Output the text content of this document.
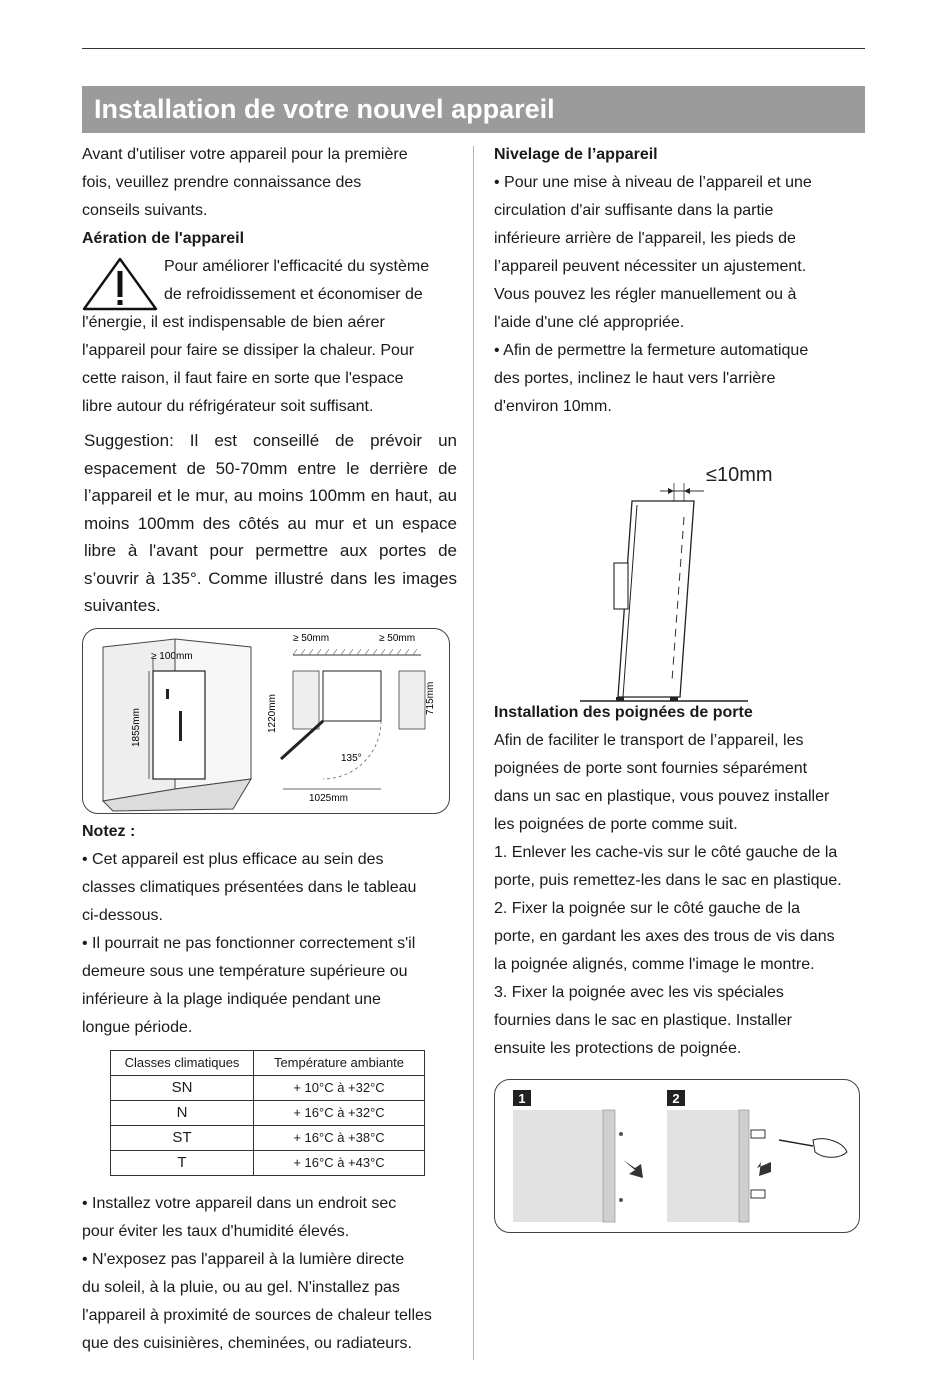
Installation de votre nouvel appareil

Avant d'utiliser votre appareil pour la première

fois, veuillez prendre connaissance des

conseils suivants.

Aération de l'appareil

Pour améliorer l'efficacité du système

de refroidissement et économiser de

l'énergie, il est indispensable de bien aérer

l'appareil pour faire se dissiper la chaleur. Pour

cette raison, il faut faire en sorte que l'espace

libre autour du réfrigérateur soit suffisant.

Suggestion: Il est conseillé de prévoir un espacement de 50-70mm entre le derrière de l’appareil et le mur, au moins 100mm en haut, au moins 100mm des côtés au mur et un espace libre à l'avant pour permettre aux portes de s’ouvrir à 135°. Comme illustré dans les images suivantes.

≥ 100mm
1855mm
≥ 50mm	≥ 50mm
1220mm	715mm
135°
1025mm

Notez :

• Cet appareil est plus efficace au sein des

classes climatiques présentées dans le tableau

ci-dessous.

• Il pourrait ne pas fonctionner correctement s'il

demeure sous une température supérieure ou

inférieure à la plage indiquée pendant une

longue période.

Classes climatiques	Température ambiante
SN	+ 10°C à +32°C
N	+ 16°C à +32°C
ST	+ 16°C à +38°C
T	+ 16°C à +43°C

• Installez votre appareil dans un endroit sec

pour éviter les taux d'humidité élevés.

• N'exposez pas l'appareil à la lumière directe

du soleil, à la pluie, ou au gel. N'installez pas

l'appareil à proximité de sources de chaleur telles

que des cuisinières, cheminées, ou radiateurs.

Nivelage de l’appareil

• Pour une mise à niveau de l’appareil et une

circulation d'air suffisante dans la partie

inférieure arrière de l'appareil, les pieds de

l’appareil peuvent nécessiter un ajustement.

Vous pouvez les régler manuellement ou à

l'aide d'une clé appropriée.

• Afin de permettre la fermeture automatique

des portes, inclinez le haut vers l'arrière

d'environ 10mm.

≤10mm

Installation des poignées de porte

Afin de faciliter le transport de l’appareil, les

poignées de porte sont fournies séparément

dans un sac en plastique, vous pouvez installer

les poignées de porte comme suit.

1. Enlever les cache-vis sur le côté gauche de la

porte, puis remettez-les dans le sac en plastique.

2. Fixer la poignée sur le côté gauche de la

porte, en gardant les axes des trous de vis dans

la poignée alignés, comme l'image le montre.

3. Fixer la poignée avec les vis spéciales

fournies dans le sac en plastique. Installer

ensuite les protections de poignée.

1	2
